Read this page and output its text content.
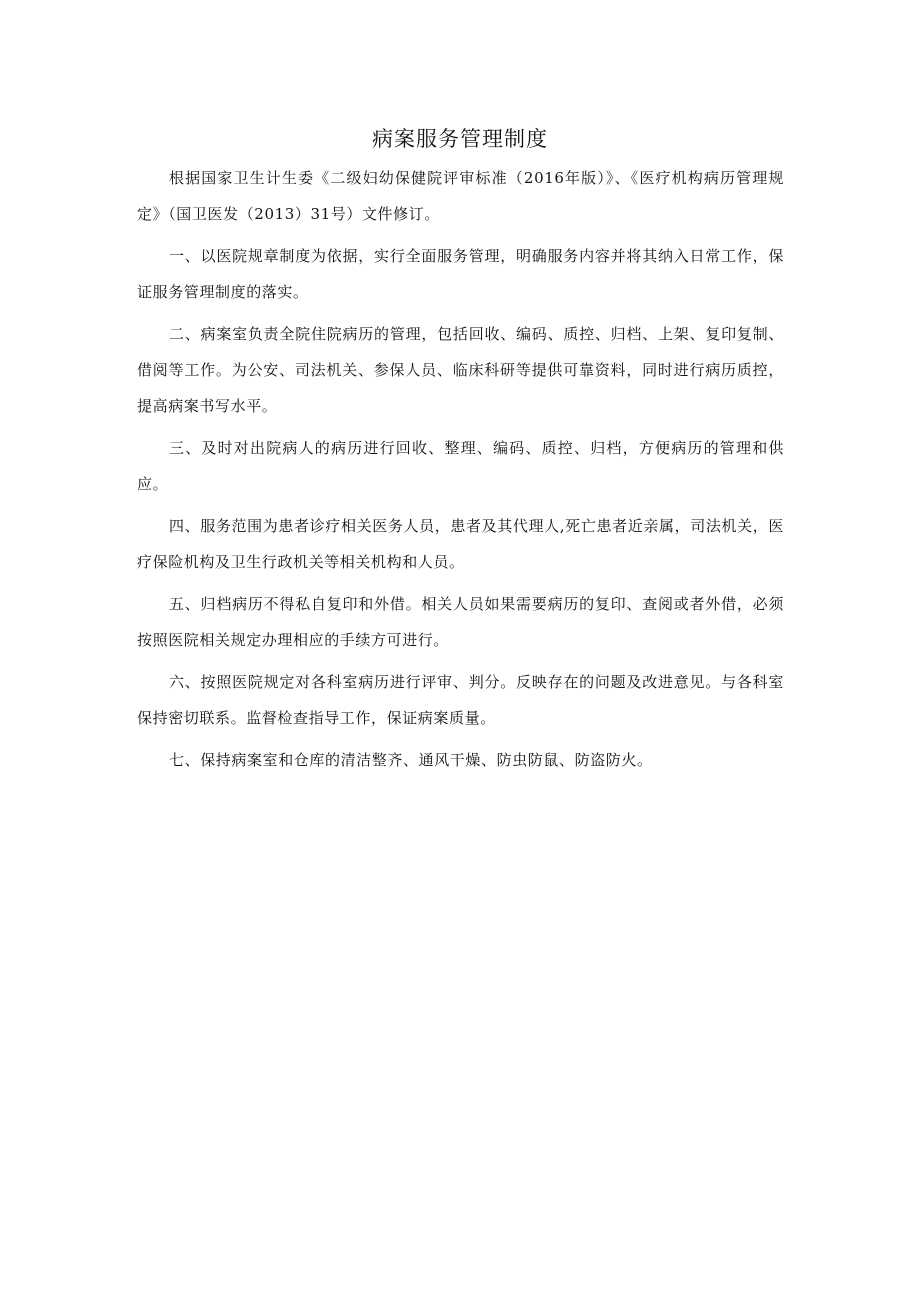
病案服务管理制度

根据国家卫生计生委《二级妇幼保健院评审标准（2016年版）》、《医疗机构病历管理规定》（国卫医发（2013）31号）文件修订。

一、以医院规章制度为依据，实行全面服务管理，明确服务内容并将其纳入日常工作，保证服务管理制度的落实。

二、病案室负责全院住院病历的管理，包括回收、编码、质控、归档、上架、复印复制、借阅等工作。为公安、司法机关、参保人员、临床科研等提供可靠资料，同时进行病历质控，提高病案书写水平。

三、及时对出院病人的病历进行回收、整理、编码、质控、归档，方便病历的管理和供应。

四、服务范围为患者诊疗相关医务人员，患者及其代理人,死亡患者近亲属，司法机关，医疗保险机构及卫生行政机关等相关机构和人员。

五、归档病历不得私自复印和外借。相关人员如果需要病历的复印、查阅或者外借，必须按照医院相关规定办理相应的手续方可进行。

六、按照医院规定对各科室病历进行评审、判分。反映存在的问题及改进意见。与各科室保持密切联系。监督检查指导工作，保证病案质量。

七、保持病案室和仓库的清洁整齐、通风干燥、防虫防鼠、防盗防火。
